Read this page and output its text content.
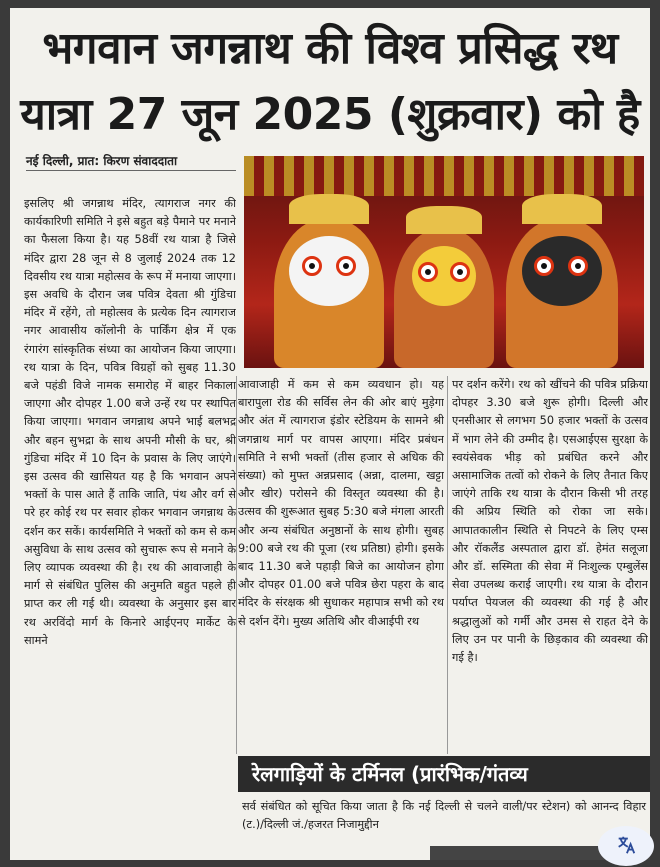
भगवान जगन्नाथ की विश्व प्रसिद्ध रथ
यात्रा 27 जून 2025 (शुक्रवार) को है
नई दिल्ली, प्रात: किरण संवाददाता
इसलिए श्री जगन्नाथ मंदिर, त्यागराज नगर की कार्यकारिणी समिति ने इसे बहुत बड़े पैमाने पर मनाने का फैसला किया है। यह 58वीं रथ यात्रा है जिसे मंदिर द्वारा 28 जून से 8 जुलाई 2024 तक 12 दिवसीय रथ यात्रा महोत्सव के रूप में मनाया जाएगा। इस अवधि के दौरान जब पवित्र देवता श्री गुंडिचा मंदिर में रहेंगे, तो महोत्सव के प्रत्येक दिन त्यागराज नगर आवासीय कॉलोनी के पार्किंग क्षेत्र में एक रंगारंग सांस्कृतिक संध्या का आयोजन किया जाएगा। रथ यात्रा के दिन, पवित्र विग्रहों को सुबह 11.30 बजे पहंडी विजे नामक समारोह में बाहर निकाला जाएगा और दोपहर 1.00 बजे उन्हें रथ पर स्थापित किया जाएगा। भगवान जगन्नाथ अपने भाई बलभद्र और बहन सुभद्रा के साथ अपनी मौसी के घर, श्री गुंडिचा मंदिर में 10 दिन के प्रवास के लिए जाएंगे। इस उत्सव की खासियत यह है कि भगवान अपने भक्तों के पास आते हैं ताकि जाति, पंथ और वर्ग से परे हर कोई रथ पर सवार होकर भगवान जगन्नाथ के दर्शन कर सकें। कार्यसमिति ने भक्तों को कम से कम असुविधा के साथ उत्सव को सुचारू रूप से मनाने के लिए व्यापक व्यवस्था की है। रथ की आवाजाही के मार्ग से संबंधित पुलिस की अनुमति बहुत पहले ही प्राप्त कर ली गई थी। व्यवस्था के अनुसार इस बार रथ अरविंदो मार्ग के किनारे आईएनए मार्केट के सामने
आवाजाही में कम से कम व्यवधान हो। यह बारापुला रोड की सर्विस लेन की ओर बाएं मुड़ेगा और अंत में त्यागराज इंडोर स्टेडियम के सामने श्री जगन्नाथ मार्ग पर वापस आएगा। मंदिर प्रबंधन समिति ने सभी भक्तों (तीस हजार से अधिक की संख्या) को मुफ्त अन्नप्रसाद (अन्ना, दालमा, खट्टा और खीर) परोसने की विस्तृत व्यवस्था की है। उत्सव की शुरूआत सुबह 5:30 बजे मंगला आरती और अन्य संबंधित अनुष्ठानों के साथ होगी। सुबह 9:00 बजे रथ की पूजा (रथ प्रतिष्ठा) होगी। इसके बाद 11.30 बजे पहाड़ी बिजे का आयोजन होगा और दोपहर 01.00 बजे पवित्र छेरा पहरा के बाद मंदिर के संरक्षक श्री सुधाकर महापात्र सभी को रथ से दर्शन देंगे। मुख्य अतिथि और वीआईपी रथ
पर दर्शन करेंगे। रथ को खींचने की पवित्र प्रक्रिया दोपहर 3.30 बजे शुरू होगी। दिल्ली और एनसीआर से लगभग 50 हजार भक्तों के उत्सव में भाग लेने की उम्मीद है। एसआईएस सुरक्षा के स्वयंसेवक भीड़ को प्रबंधित करने और असामाजिक तत्वों को रोकने के लिए तैनात किए जाएंगे ताकि रथ यात्रा के दौरान किसी भी तरह की अप्रिय स्थिति को रोका जा सके। आपातकालीन स्थिति से निपटने के लिए एम्स और रॉकलैंड अस्पताल द्वारा डॉ. हेमंत सलूजा और डॉ. सस्मिता की सेवा में निःशुल्क एम्बुलेंस सेवा उपलब्ध कराई जाएगी। रथ यात्रा के दौरान पर्याप्त पेयजल की व्यवस्था की गई है और श्रद्धालुओं को गर्मी और उमस से राहत देने के लिए उन पर पानी के छिड़काव की व्यवस्था की गई है।
रेलगाड़ियों के टर्मिनल (प्रारंभिक/गंतव्य
सर्व संबंधित को सूचित किया जाता है कि नई दिल्ली से चलने वाली/पर स्टेशन) को आनन्द विहार (ट.)/दिल्ली जं./हजरत निजामुद्दीन
